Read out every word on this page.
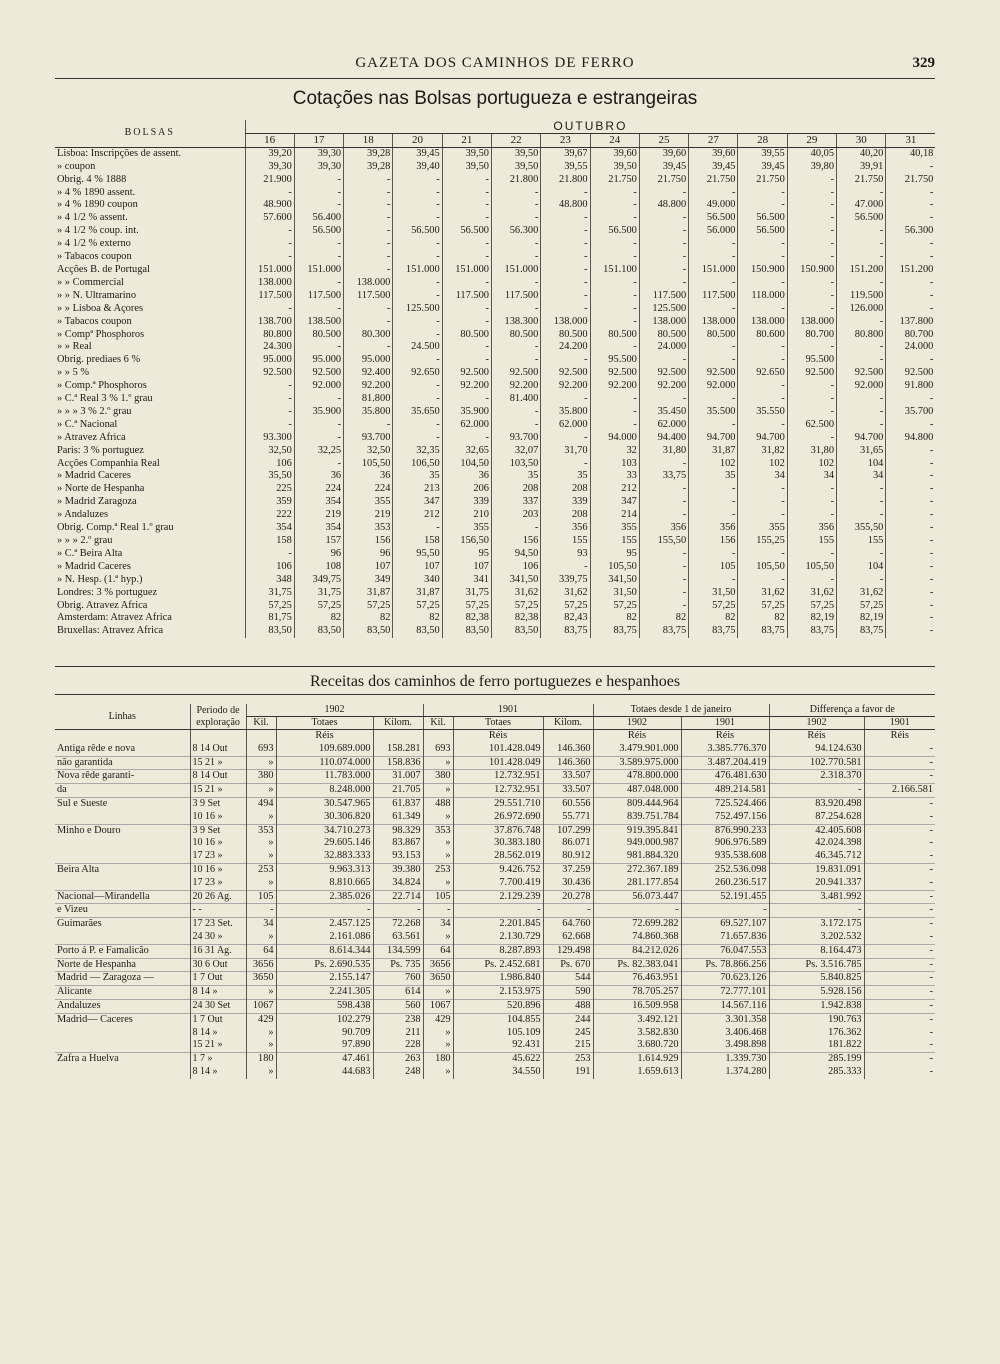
GAZETA DOS CAMINHOS DE FERRO	329
Cotações nas Bolsas portugueza e estrangeiras
BOLSAS	OUTUBRO													
	16	17	18	20	21	22	23	24	25	27	28	29	30	31
Lisboa: Inscripções de assent.	39,20	39,30	39,28	39,45	39,50	39,50	39,67	39,60	39,60	39,60	39,55	40,05	40,20	40,18
» coupon	39,30	39,30	39,28	39,40	39,50	39,50	39,55	39,50	39,45	39,45	39,45	39,80	39,91	-
Obrig. 4 % 1888	21.900	-	-	-	-	21.800	21.800	21.750	21.750	21.750	21.750	-	21.750	21.750
» 4 % 1890 assent.	-	-	-	-	-	-	-	-	-	-	-	-	-	-
» 4 % 1890 coupon	48.900	-	-	-	-	-	48.800	-	48.800	49.000	-	-	47.000	-
» 4 1/2 % assent.	57.600	56.400	-	-	-	-	-	-	-	56.500	56.500	-	56.500	-
» 4 1/2 % coup. int.	-	56.500	-	56.500	56.500	56.300	-	56.500	-	56.000	56.500	-	-	56.300
» 4 1/2 % externo	-	-	-	-	-	-	-	-	-	-	-	-	-	-
» Tabacos coupon	-	-	-	-	-	-	-	-	-	-	-	-	-	-
Acções B. de Portugal	151.000	151.000	-	151.000	151.000	151.000	-	151.100	-	151.000	150.900	150.900	151.200	151.200
» » Commercial	138.000	-	138.000	-	-	-	-	-	-	-	-	-	-	-
» » N. Ultramarino	117.500	117.500	117.500	-	117.500	117.500	-	-	117.500	117.500	118.000	-	119.500	-
» » Lisboa & Açores	-	-	-	125.500	-	-	-	-	125.500	-	-	-	126.000	-
» Tabacos coupon	138.700	138.500	-	-	-	138.300	138.000	-	138.000	138.000	138.000	138.000	-	137.800
» Compª Phosphoros	80.800	80.500	80.300	-	80.500	80.500	80.500	80.500	80.500	80.500	80.600	80.700	80.800	80.700
» » Real	24.300	-	-	24.500	-	-	24.200	-	24.000	-	-	-	-	24.000
Obrig. prediaes 6 %	95.000	95.000	95.000	-	-	-	-	95.500	-	-	-	95.500	-	-
» » 5 %	92.500	92.500	92.400	92.650	92.500	92.500	92.500	92.500	92.500	92.500	92.650	92.500	92.500	92.500
» Comp.ª Phosphoros	-	92.000	92.200	-	92.200	92.200	92.200	92.200	92.200	92.000	-	-	92.000	91.800
» C.ª Real 3 % 1.º grau	-	-	81.800	-	-	81.400	-	-	-	-	-	-	-	-
» » » 3 % 2.º grau	-	35.900	35.800	35.650	35.900	-	35.800	-	35.450	35.500	35.550	-	-	35.700
» C.ª Nacional	-	-	-	-	62.000	-	62.000	-	62.000	-	-	62.500	-	-
» Atravez Africa	93.300	-	93.700	-	-	93.700	-	94.000	94.400	94.700	94.700	-	94.700	94.800
Paris: 3 % portuguez	32,50	32,25	32,50	32,35	32,65	32,07	31,70	32	31,80	31,87	31,82	31,80	31,65	-
Acções Companhia Real	106	-	105,50	106,50	104,50	103,50	-	103	-	102	102	102	104	-
» Madrid Caceres	35,50	36	36	35	36	35	35	33	33,75	35	34	34	34	-
» Norte de Hespanha	225	224	224	213	206	208	208	212	-	-	-	-	-	-
» Madrid Zaragoza	359	354	355	347	339	337	339	347	-	-	-	-	-	-
» Andaluzes	222	219	219	212	210	203	208	214	-	-	-	-	-	-
Obrig. Comp.ª Real 1.º grau	354	354	353	-	355	-	356	355	356	356	355	356	355,50	-
» » » 2.º grau	158	157	156	158	156,50	156	155	155	155,50	156	155,25	155	155	-
» C.ª Beira Alta	-	96	96	95,50	95	94,50	93	95	-	-	-	-	-	-
» Madrid Caceres	106	108	107	107	107	106	-	105,50	-	105	105,50	105,50	104	-
» N. Hesp. (1.ª hyp.)	348	349,75	349	340	341	341,50	339,75	341,50	-	-	-	-	-	-
Londres: 3 % portuguez	31,75	31,75	31,87	31,87	31,75	31,62	31,62	31,50	-	31,50	31,62	31,62	31,62	-
Obrig. Atravez Africa	57,25	57,25	57,25	57,25	57,25	57,25	57,25	57,25	-	57,25	57,25	57,25	57,25	-
Amsterdam: Atravez Africa	81,75	82	82	82	82,38	82,38	82,43	82	82	82	82	82,19	82,19	-
Bruxellas: Atravez Africa	83,50	83,50	83,50	83,50	83,50	83,50	83,75	83,75	83,75	83,75	83,75	83,75	83,75	-
Receitas dos caminhos de ferro portuguezes e hespanhoes
Linhas	Periodo de exploração	1902			1901			Totaes desde 1 de janeiro		Differença a favor de	
		Kil.	Totaes	Kilom.	Kil.	Totaes	Kilom.	1902	1901	1902	1901
			Réis			Réis		Réis	Réis	Réis	Réis
Antiga rêde e nova	8 14 Out	693	109.689.000	158.281	693	101.428.049	146.360	3.479.901.000	3.385.776.370	94.124.630	-
não garantida	15 21 »	»	110.074.000	158.836	»	101.428.049	146.360	3.589.975.000	3.487.204.419	102.770.581	-
Nova rêde garanti-	8 14 Out	380	11.783.000	31.007	380	12.732.951	33.507	478.800.000	476.481.630	2.318.370	-
da	15 21 »	»	8.248.000	21.705	»	12.732.951	33.507	487.048.000	489.214.581	-	2.166.581
Sul e Sueste	3 9 Set	494	30.547.965	61.837	488	29.551.710	60.556	809.444.964	725.524.466	83.920.498	-
	10 16 »	»	30.306.820	61.349	»	26.972.690	55.771	839.751.784	752.497.156	87.254.628	-
Minho e Douro	3 9 Set	353	34.710.273	98.329	353	37.876.748	107.299	919.395.841	876.990.233	42.405.608	-
	10 16 »	»	29.605.146	83.867	»	30.383.180	86.071	949.000.987	906.976.589	42.024.398	-
	17 23 »	»	32.883.333	93.153	»	28.562.019	80.912	981.884.320	935.538.608	46.345.712	-
Beira Alta	10 16 »	253	9.963.313	39.380	253	9.426.752	37.259	272.367.189	252.536.098	19.831.091	-
	17 23 »	»	8.810.665	34.824	»	7.700.419	30.436	281.177.854	260.236.517	20.941.337	-
Nacional—Mirandella	20 26 Ag.	105	2.385.026	22.714	105	2.129.239	20.278	56.073.447	52.191.455	3.481.992	-
e Vizeu	- -	-	-	-	-	-	-	-	-	-	-
Guimarães	17 23 Set.	34	2.457.125	72.268	34	2.201.845	64.760	72.699.282	69.527.107	3.172.175	-
	24 30 »	»	2.161.086	63.561	»	2.130.729	62.668	74.860.368	71.657.836	3.202.532	-
Porto á P. e Famalicão	16 31 Ag.	64	8.614.344	134.599	64	8.287.893	129.498	84.212.026	76.047.553	8.164.473	-
Norte de Hespanha	30 6 Out	3656	Ps. 2.690.535	Ps. 735	3656	Ps. 2.452.681	Ps. 670	Ps. 82.383.041	Ps. 78.866.256	Ps. 3.516.785	-
Madrid — Zaragoza —	1 7 Out	3650	2.155.147	760	3650	1.986.840	544	76.463.951	70.623.126	5.840.825	-
Alicante	8 14 »	»	2.241.305	614	»	2.153.975	590	78.705.257	72.777.101	5.928.156	-
Andaluzes	24 30 Set	1067	598.438	560	1067	520.896	488	16.509.958	14.567.116	1.942.838	-
Madrid— Caceres	1 7 Out	429	102.279	238	429	104.855	244	3.492.121	3.301.358	190.763	-
	8 14 »	»	90.709	211	»	105.109	245	3.582.830	3.406.468	176.362	-
	15 21 »	»	97.890	228	»	92.431	215	3.680.720	3.498.898	181.822	-
Zafra a Huelva	1 7 »	180	47.461	263	180	45.622	253	1.614.929	1.339.730	285.199	-
	8 14 »	»	44.683	248	»	34.550	191	1.659.613	1.374.280	285.333	-
